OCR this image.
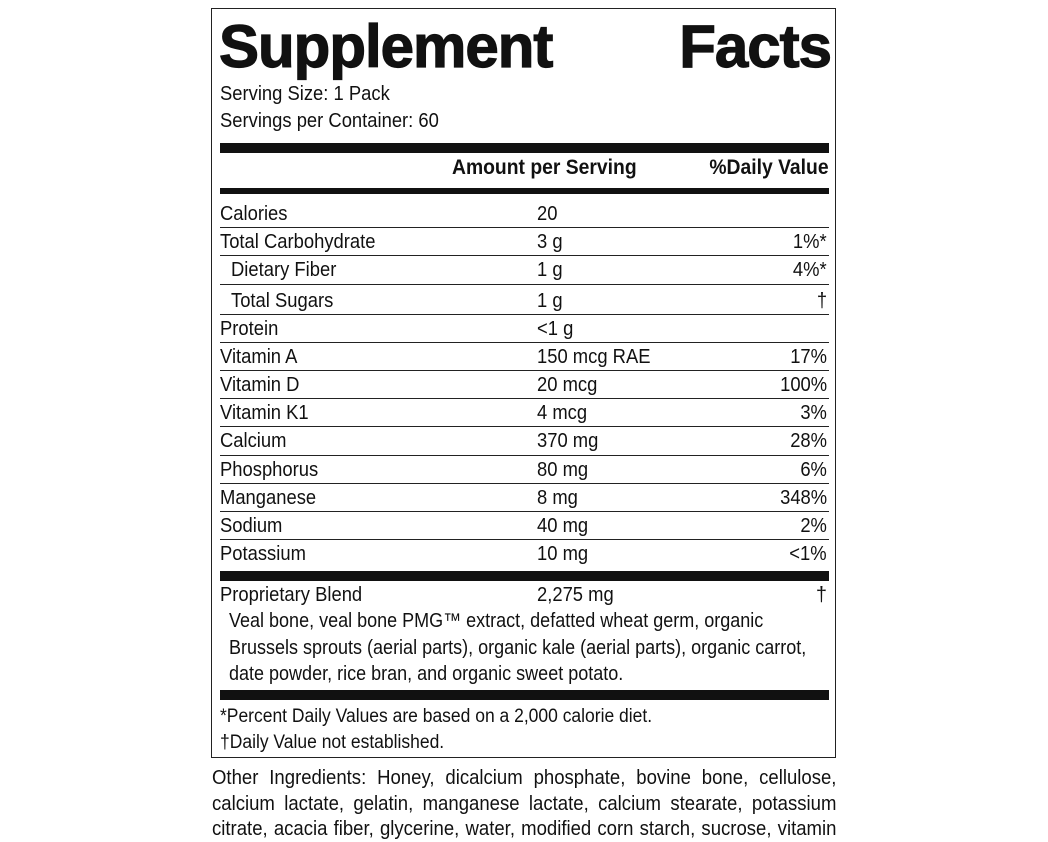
Supplement Facts
Serving Size: 1 Pack
Servings per Container: 60
Amount per Serving	%Daily Value
Calories	20
Total Carbohydrate	3 g	1%*
Dietary Fiber	1 g	4%*
Total Sugars	1 g	†
Protein	<1 g
Vitamin A	150 mcg RAE	17%
Vitamin D	20 mcg	100%
Vitamin K1	4 mcg	3%
Calcium	370 mg	28%
Phosphorus	80 mg	6%
Manganese	8 mg	348%
Sodium	40 mg	2%
Potassium	10 mg	<1%
Proprietary Blend	2,275 mg	†
Veal bone, veal bone PMG™ extract, defatted wheat germ, organic Brussels sprouts (aerial parts), organic kale (aerial parts), organic carrot, date powder, rice bran, and organic sweet potato.
*Percent Daily Values are based on a 2,000 calorie diet.
†Daily Value not established.
Other Ingredients: Honey, dicalcium phosphate, bovine bone, cellulose, calcium lactate, gelatin, manganese lactate, calcium stearate, potassium citrate, acacia fiber, glycerine, water, modified corn starch, sucrose, vitamin
